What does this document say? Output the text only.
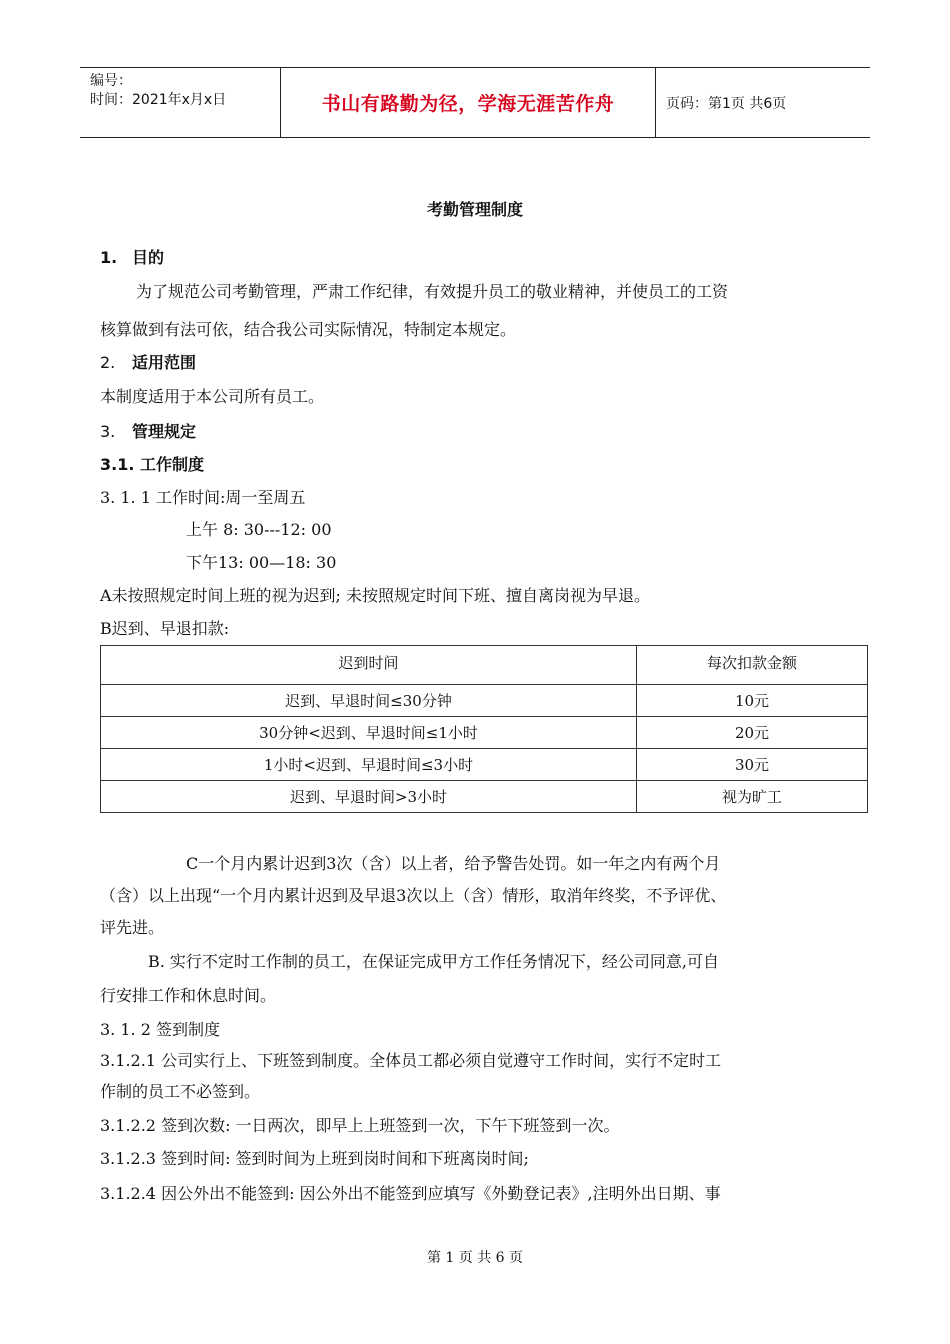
编号：
时间：2021年x月x日	书山有路勤为径，学海无涯苦作舟	页码：第1页 共6页
考勤管理制度
1. 目的
为了规范公司考勤管理，严肃工作纪律，有效提升员工的敬业精神，并使员工的工资
核算做到有法可依，结合我公司实际情况，特制定本规定。
2. 适用范围
本制度适用于本公司所有员工。
3. 管理规定
3.1. 工作制度
3. 1. 1 工作时间:周一至周五
上午 8: 30---12: 00
下午13: 00—18: 30
A未按照规定时间上班的视为迟到; 未按照规定时间下班、擅自离岗视为早退。
B迟到、早退扣款:
迟到时间	每次扣款金额
迟到、早退时间≤30分钟	10元
30分钟<迟到、早退时间≤1小时	20元
1小时<迟到、早退时间≤3小时	30元
迟到、早退时间>3小时	视为旷工
C一个月内累计迟到3次（含）以上者，给予警告处罚。如一年之内有两个月
（含）以上出现“一个月内累计迟到及早退3次以上（含）情形，取消年终奖，不予评优、
评先进。
B. 实行不定时工作制的员工，在保证完成甲方工作任务情况下，经公司同意,可自
行安排工作和休息时间。
3. 1. 2 签到制度
3.1.2.1 公司实行上、下班签到制度。全体员工都必须自觉遵守工作时间，实行不定时工
作制的员工不必签到。
3.1.2.2 签到次数: 一日两次，即早上上班签到一次，下午下班签到一次。
3.1.2.3 签到时间: 签到时间为上班到岗时间和下班离岗时间;
3.1.2.4 因公外出不能签到: 因公外出不能签到应填写《外勤登记表》,注明外出日期、事
第 1 页 共 6 页
